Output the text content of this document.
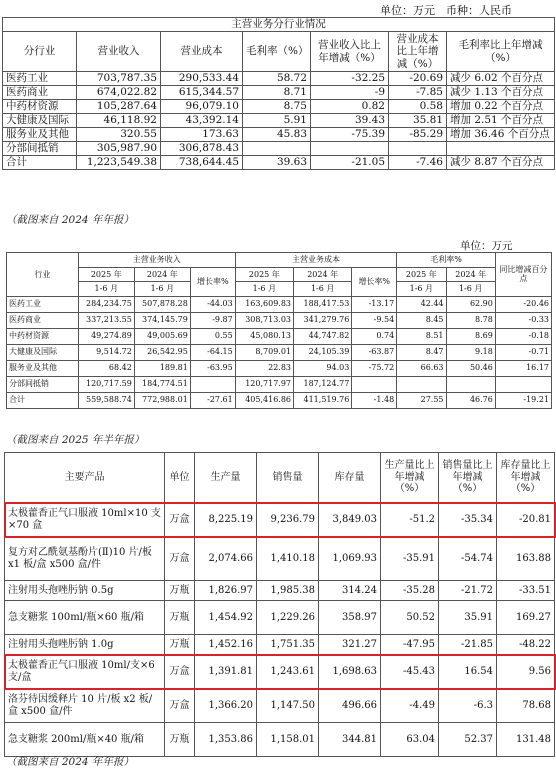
单位：万元　币种：人民币
主营业务分行业情况						
分行业	营业收入	营业成本	毛利率（%）	营业收入比上年增减（%）	营业成本比上年增减（%）	毛利率比上年增减（%）
医药工业	703,787.35	290,533.44	58.72	-32.25	-20.69	减少 6.02 个百分点
医药商业	674,022.82	615,344.57	8.71	-9	-7.85	减少 1.13 个百分点
中药材资源	105,287.64	96,079.10	8.75	0.82	0.58	增加 0.22 个百分点
大健康及国际	46,118.92	43,392.14	5.91	39.43	35.81	增加 2.51 个百分点
服务业及其他	320.55	173.63	45.83	-75.39	-85.29	增加 36.46 个百分点
分部间抵销	305,987.90	306,878.43				
合计	1,223,549.38	738,644.45	39.63	-21.05	-7.46	减少 8.87 个百分点
（截图来自 2024 年年报）
单位：万元
行业	主营业务收入			主营业务成本			毛利率%		同比增减百分点
	2025 年	2024 年	增长率%	2025 年	2024 年	增长率%	2025 年	2024 年	
	1-6 月	1-6 月		1-6 月	1-6 月		1-6 月	1-6 月	
医药工业	284,234.75	507,878.28	-44.03	163,609.83	188,417.53	-13.17	42.44	62.90	-20.46
医药商业	337,213.55	374,145.79	-9.87	308,713.03	341,279.76	-9.54	8.45	8.78	-0.33
中药材资源	49,274.89	49,005.69	0.55	45,080.13	44,747.82	0.74	8.51	8.69	-0.18
大健康及国际	9,514.72	26,542.95	-64.15	8,709.01	24,105.39	-63.87	8.47	9.18	-0.71
服务业及其他	68.42	189.81	-63.95	22.83	94.03	-75.72	66.63	50.46	16.17
分部间抵销	120,717.59	184,774.51		120,717.97	187,124.77				
合计	559,588.74	772,988.01	-27.61	405,416.86	411,519.76	-1.48	27.55	46.76	-19.21
（截图来自 2025 年半年报）
主要产品	单位	生产量	销售量	库存量	生产量比上年增减（%）	销售量比上年增减（%）	库存量比上年增减（%）
太极藿香正气口服液 10ml×10 支×70 盒	万盒	8,225.19	9,236.79	3,849.03	-51.2	-35.34	-20.81
复方对乙酰氨基酚片(Ⅱ)10 片/板 x1 板/盒 x500 盒/件	万盒	2,074.66	1,410.18	1,069.93	-35.91	-54.74	163.88
注射用头孢唑肟钠 0.5g	万瓶	1,826.97	1,985.38	314.24	-35.28	-21.72	-33.51
急支糖浆 100ml/瓶×60 瓶/箱	万瓶	1,454.92	1,229.26	358.97	50.52	35.91	169.27
注射用头孢唑肟钠 1.0g	万瓶	1,452.16	1,751.35	321.27	-47.95	-21.85	-48.22
太极藿香正气口服液 10ml/支×6 支/盒	万盒	1,391.81	1,243.61	1,698.63	-45.43	16.54	9.56
洛芬待因缓释片 10 片/板 x2 板/盒 x500 盒/件	万盒	1,366.20	1,147.50	496.66	-4.49	-6.3	78.68
急支糖浆 200ml/瓶×40 瓶/箱	万瓶	1,353.86	1,158.01	344.81	63.04	52.37	131.48
（截图来自 2024 年年报）
